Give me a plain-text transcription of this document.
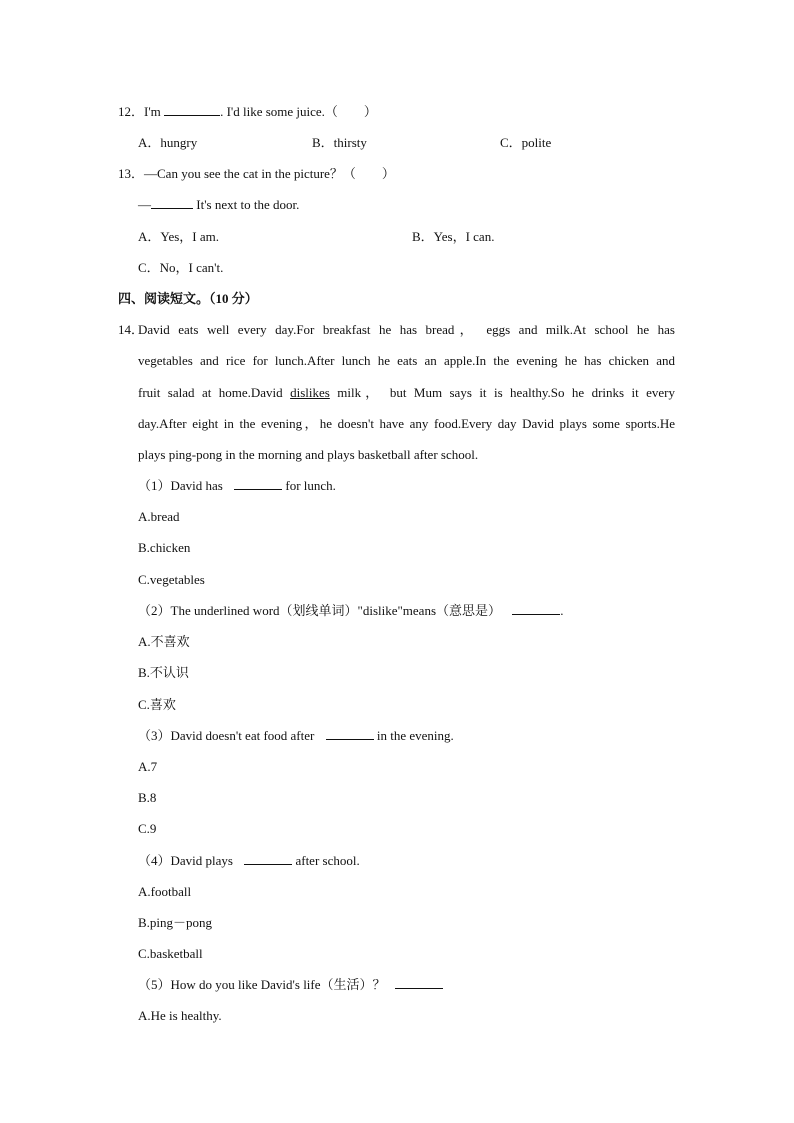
12．I'm	. I'd like some juice.（　　）
A．hungry	B．thirsty	C．polite
13．—Can you see the cat in the picture？（　　）
—	It's next to the door.
A．Yes，I am.	B．Yes，I can.
C．No，I can't.
四、阅读短文。（10 分）
14．
David eats well every day.For breakfast he has bread， eggs and milk.At school he has
vegetables and rice for lunch.After lunch he eats an apple.In the evening he has chicken and
fruit salad at home.David dislikes milk， but Mum says it is healthy.So he drinks it every
day.After eight in the evening，he doesn't have any food.Every day David plays some sports.He
plays ping-pong in the morning and plays basketball after school.
（1）David has	for lunch.
A.bread
B.chicken
C.vegetables
（2）The underlined word（划线单词）"dislike"means（意思是）	.
A.不喜欢
B.不认识
C.喜欢
（3）David doesn't eat food after	in the evening.
A.7
B.8
C.9
（4）David plays	after school.
A.football
B.ping－pong
C.basketball
（5）How do you like David's life（生活）？
A.He is healthy.
